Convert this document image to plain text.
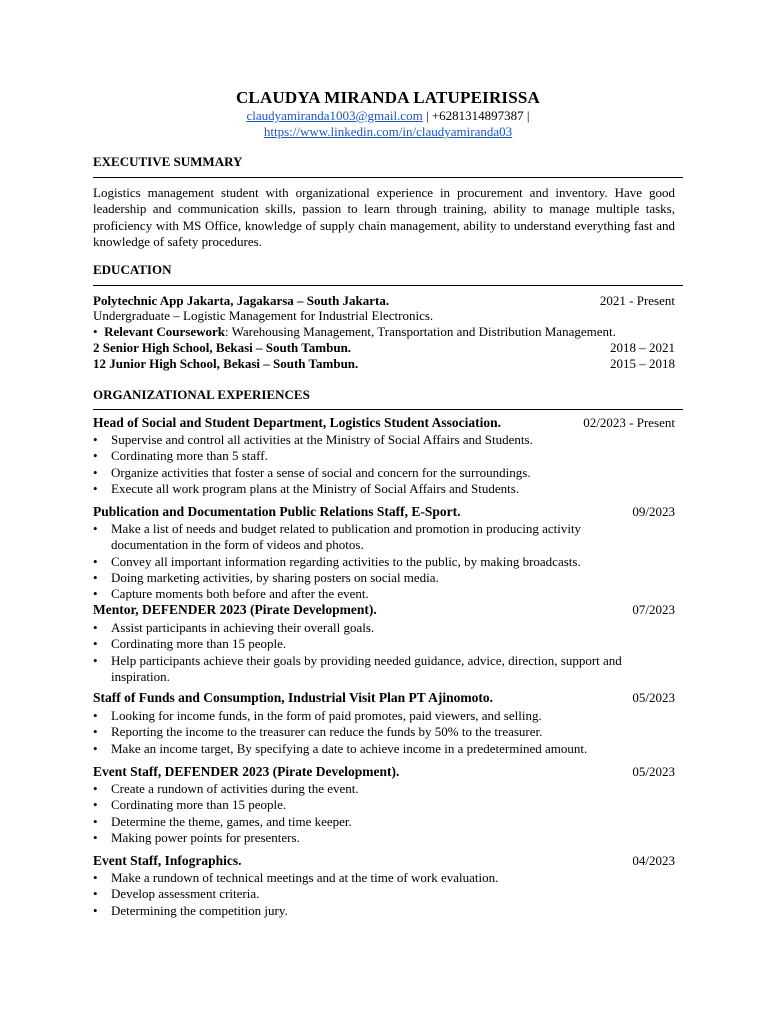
CLAUDYA MIRANDA LATUPEIRISSA
claudyamiranda1003@gmail.com | +6281314897387 |
https://www.linkedin.com/in/claudyamiranda03
EXECUTIVE SUMMARY
Logistics management student with organizational experience in procurement and inventory. Have good leadership and communication skills, passion to learn through training, ability to manage multiple tasks, proficiency with MS Office, knowledge of supply chain management, ability to understand everything fast and knowledge of safety procedures.
EDUCATION
Polytechnic App Jakarta, Jagakarsa – South Jakarta.	2021 - Present
Undergraduate – Logistic Management for Industrial Electronics.
•  Relevant Coursework: Warehousing Management, Transportation and Distribution Management.
2 Senior High School, Bekasi – South Tambun.	2018 – 2021
12 Junior High School, Bekasi – South Tambun.	2015 – 2018
ORGANIZATIONAL EXPERIENCES
Head of Social and Student Department, Logistics Student Association.	02/2023 - Present
• Supervise and control all activities at the Ministry of Social Affairs and Students.
• Cordinating more than 5 staff.
• Organize activities that foster a sense of social and concern for the surroundings.
• Execute all work program plans at the Ministry of Social Affairs and Students.
Publication and Documentation Public Relations Staff, E-Sport.	09/2023
• Make a list of needs and budget related to publication and promotion in producing activity documentation in the form of videos and photos.
• Convey all important information regarding activities to the public, by making broadcasts.
• Doing marketing activities, by sharing posters on social media.
• Capture moments both before and after the event.
Mentor, DEFENDER 2023 (Pirate Development).	07/2023
• Assist participants in achieving their overall goals.
• Cordinating more than 15 people.
• Help participants achieve their goals by providing needed guidance, advice, direction, support and inspiration.
Staff of Funds and Consumption, Industrial Visit Plan PT Ajinomoto.	05/2023
• Looking for income funds, in the form of paid promotes, paid viewers, and selling.
• Reporting the income to the treasurer can reduce the funds by 50% to the treasurer.
• Make an income target, By specifying a date to achieve income in a predetermined amount.
Event Staff, DEFENDER 2023 (Pirate Development).	05/2023
• Create a rundown of activities during the event.
• Cordinating more than 15 people.
• Determine the theme, games, and time keeper.
• Making power points for presenters.
Event Staff, Infographics.	04/2023
• Make a rundown of technical meetings and at the time of work evaluation.
• Develop assessment criteria.
• Determining the competition jury.
